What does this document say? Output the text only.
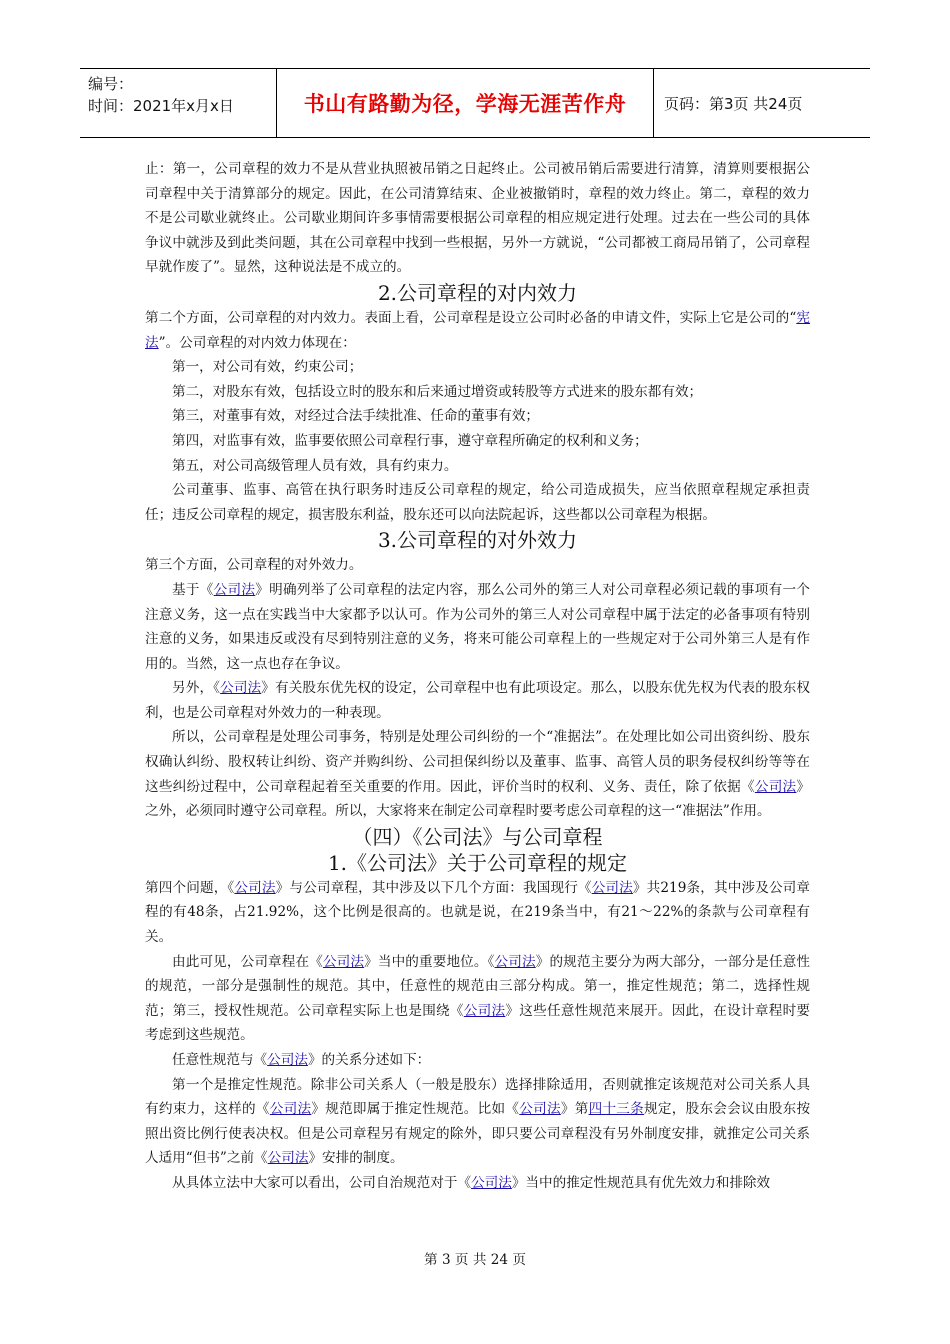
编号：
时间：2021年x月x日	书山有路勤为径，学海无涯苦作舟	页码：第3页 共24页

止：第一，公司章程的效力不是从营业执照被吊销之日起终止。公司被吊销后需要进行清算，清算则要根据公司章程中关于清算部分的规定。因此，在公司清算结束、企业被撤销时，章程的效力终止。第二，章程的效力不是公司歇业就终止。公司歇业期间许多事情需要根据公司章程的相应规定进行处理。过去在一些公司的具体争议中就涉及到此类问题，其在公司章程中找到一些根据，另外一方就说，“公司都被工商局吊销了，公司章程早就作废了”。显然，这种说法是不成立的。

2.公司章程的对内效力

第二个方面，公司章程的对内效力。表面上看，公司章程是设立公司时必备的申请文件，实际上它是公司的“宪法”。公司章程的对内效力体现在：

第一，对公司有效，约束公司；

第二，对股东有效，包括设立时的股东和后来通过增资或转股等方式进来的股东都有效；

第三，对董事有效，对经过合法手续批准、任命的董事有效；

第四，对监事有效，监事要依照公司章程行事，遵守章程所确定的权利和义务；

第五，对公司高级管理人员有效，具有约束力。

公司董事、监事、高管在执行职务时违反公司章程的规定，给公司造成损失，应当依照章程规定承担责任；违反公司章程的规定，损害股东利益，股东还可以向法院起诉，这些都以公司章程为根据。

3.公司章程的对外效力

第三个方面，公司章程的对外效力。

基于《公司法》明确列举了公司章程的法定内容，那么公司外的第三人对公司章程必须记载的事项有一个注意义务，这一点在实践当中大家都予以认可。作为公司外的第三人对公司章程中属于法定的必备事项有特别注意的义务，如果违反或没有尽到特别注意的义务，将来可能公司章程上的一些规定对于公司外第三人是有作用的。当然，这一点也存在争议。

另外，《公司法》有关股东优先权的设定，公司章程中也有此项设定。那么，以股东优先权为代表的股东权利，也是公司章程对外效力的一种表现。

所以，公司章程是处理公司事务，特别是处理公司纠纷的一个“准据法”。在处理比如公司出资纠纷、股东权确认纠纷、股权转让纠纷、资产并购纠纷、公司担保纠纷以及董事、监事、高管人员的职务侵权纠纷等等在这些纠纷过程中，公司章程起着至关重要的作用。因此，评价当时的权利、义务、责任，除了依据《公司法》之外，必须同时遵守公司章程。所以，大家将来在制定公司章程时要考虑公司章程的这一“准据法”作用。

（四）《公司法》与公司章程
1.《公司法》关于公司章程的规定

第四个问题，《公司法》与公司章程，其中涉及以下几个方面：我国现行《公司法》共219条，其中涉及公司章程的有48条，占21.92%，这个比例是很高的。也就是说，在219条当中，有21～22%的条款与公司章程有关。

由此可见，公司章程在《公司法》当中的重要地位。《公司法》的规范主要分为两大部分，一部分是任意性的规范，一部分是强制性的规范。其中，任意性的规范由三部分构成。第一，推定性规范；第二，选择性规范；第三，授权性规范。公司章程实际上也是围绕《公司法》这些任意性规范来展开。因此，在设计章程时要考虑到这些规范。

任意性规范与《公司法》的关系分述如下：

第一个是推定性规范。除非公司关系人（一般是股东）选择排除适用，否则就推定该规范对公司关系人具有约束力，这样的《公司法》规范即属于推定性规范。比如《公司法》第四十三条规定，股东会会议由股东按照出资比例行使表决权。但是公司章程另有规定的除外，即只要公司章程没有另外制度安排，就推定公司关系人适用“但书”之前《公司法》安排的制度。

从具体立法中大家可以看出，公司自治规范对于《公司法》当中的推定性规范具有优先效力和排除效

第 3 页 共 24 页
